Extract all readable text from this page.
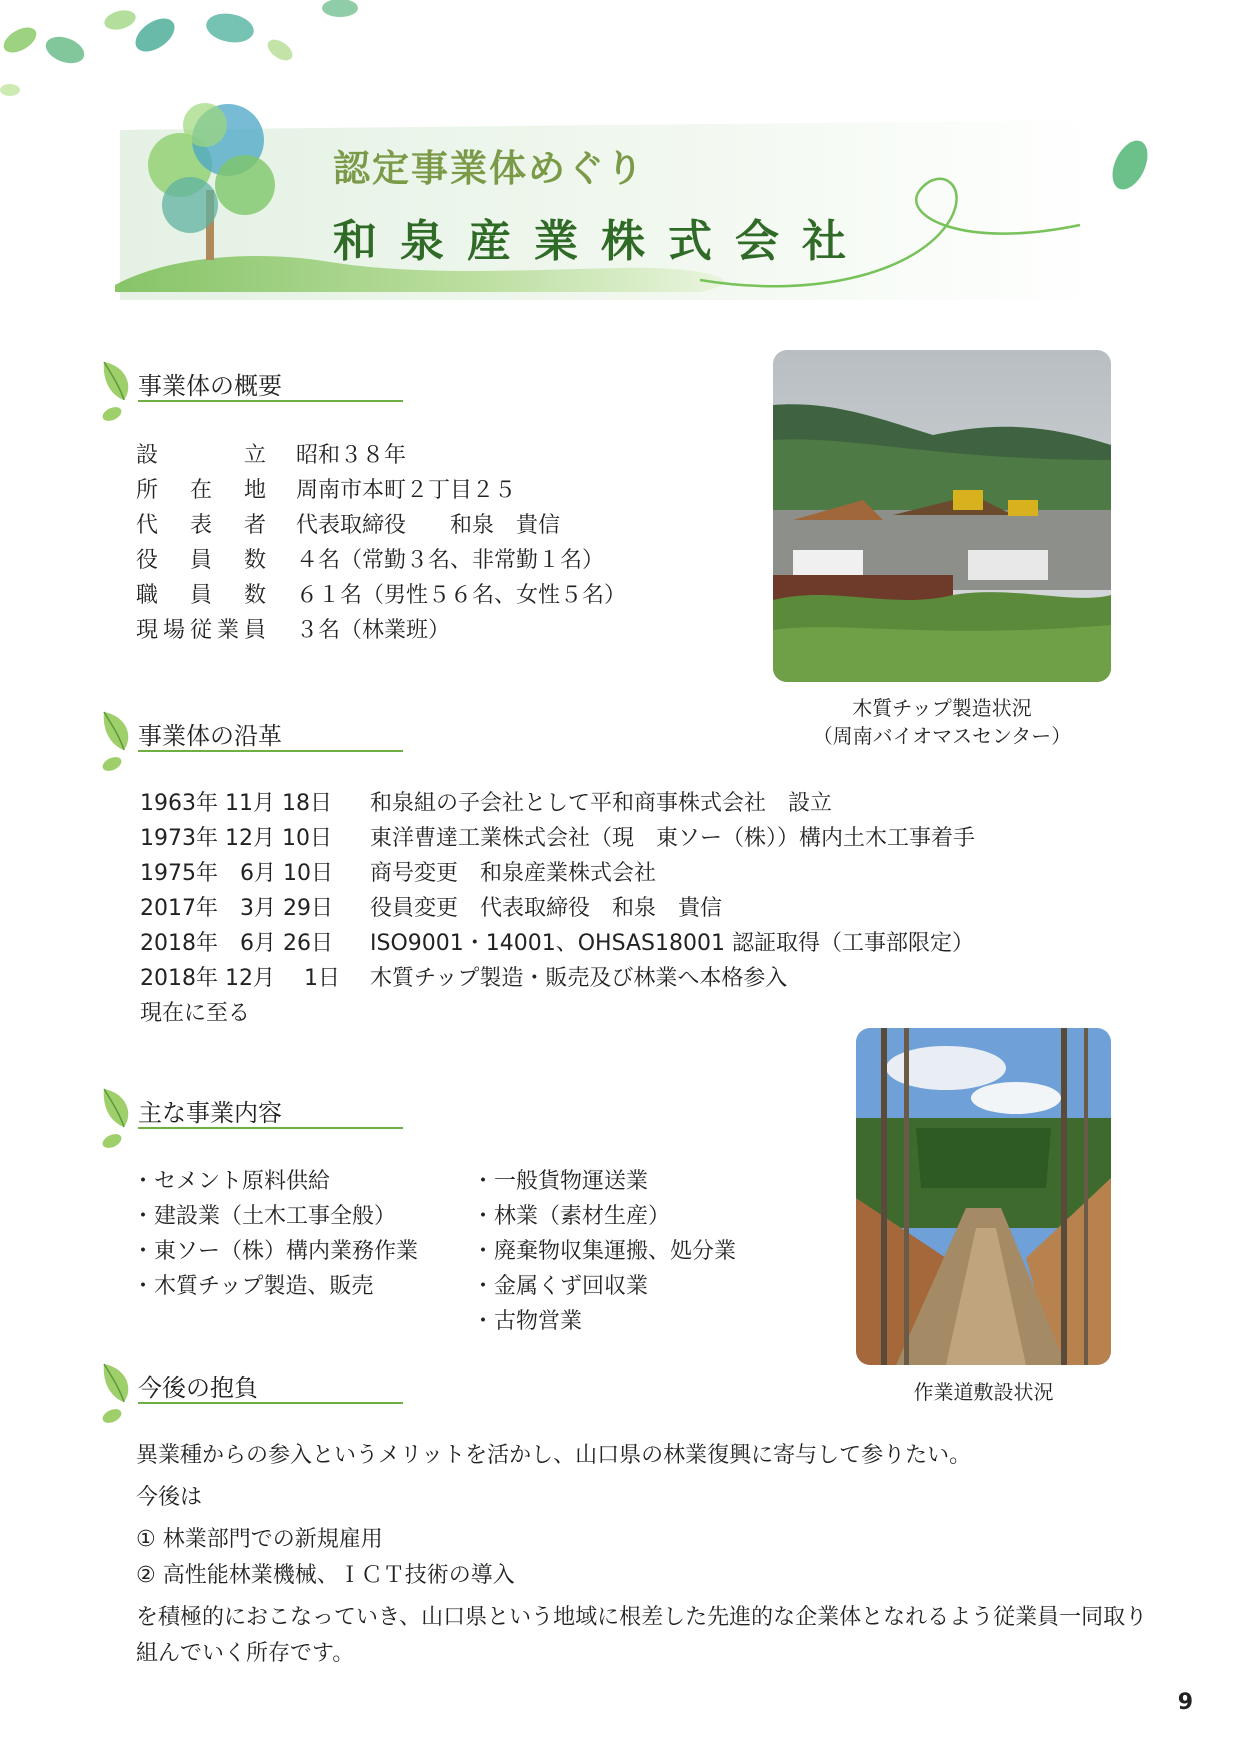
認定事業体めぐり
和泉産業株式会社
事業体の概要
設	立 昭和３８年
所 在 地 周南市本町２丁目２５
代 表 者 代表取締役　　和泉　貴信
役 員 数 ４名（常勤３名、非常勤１名）
職 員 数 ６１名（男性５６名、女性５名）
現 場 従 業 員 ３名（林業班）
木質チップ製造状況
（周南バイオマスセンター）
事業体の沿革
1963年 11月 18日	和泉組の子会社として平和商事株式会社　設立
1973年 12月 10日	東洋曹達工業株式会社（現　東ソー（株））構内土木工事着手
1975年　6月 10日	商号変更　和泉産業株式会社
2017年　3月 29日	役員変更　代表取締役　和泉　貴信
2018年　6月 26日	ISO9001・14001、OHSAS18001 認証取得（工事部限定）
2018年 12月　 1日	木質チップ製造・販売及び林業へ本格参入
現在に至る
主な事業内容
・セメント原料供給
・建設業（土木工事全般）
・東ソー（株）構内業務作業
・木質チップ製造、販売
・一般貨物運送業
・林業（素材生産）
・廃棄物収集運搬、処分業
・金属くず回収業
・古物営業
作業道敷設状況
今後の抱負
異業種からの参入というメリットを活かし、山口県の林業復興に寄与して参りたい。
今後は
① 林業部門での新規雇用
② 高性能林業機械、ＩＣＴ技術の導入
を積極的におこなっていき、山口県という地域に根差した先進的な企業体となれるよう従業員一同取り
組んでいく所存です。
9
